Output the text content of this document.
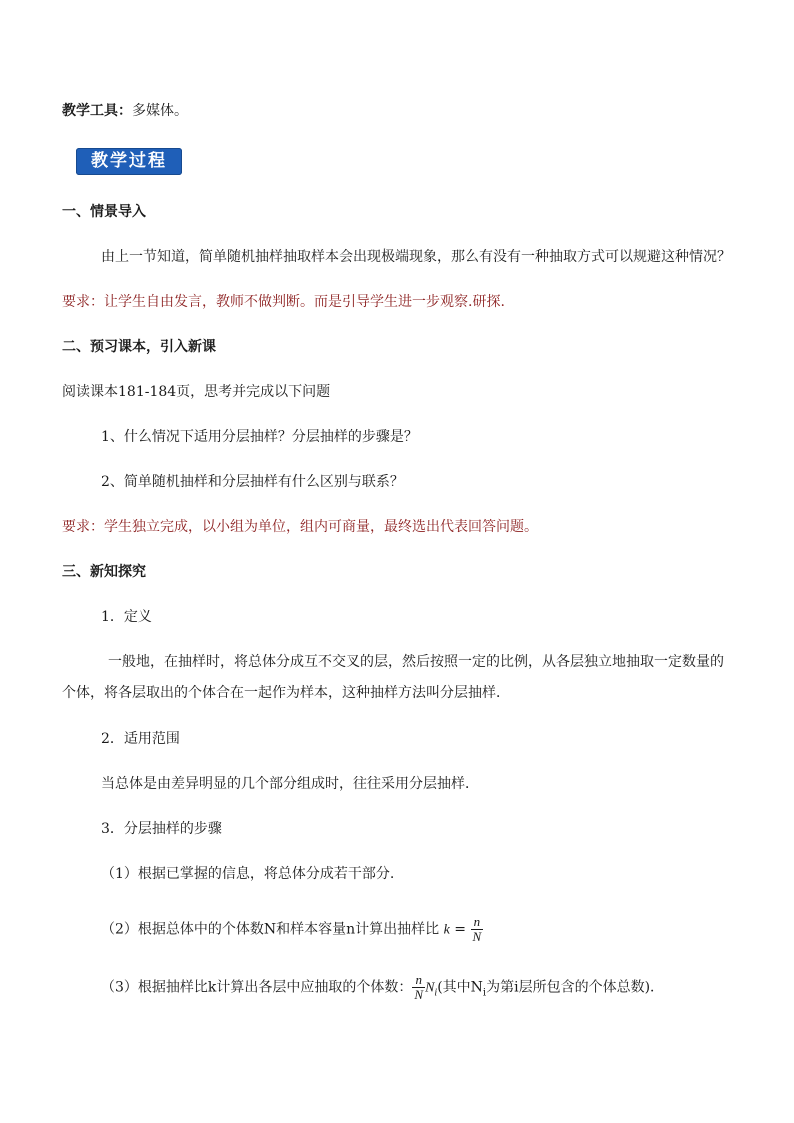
教学工具：多媒体。
教学过程
一、情景导入
由上一节知道，简单随机抽样抽取样本会出现极端现象，那么有没有一种抽取方式可以规避这种情况？
要求：让学生自由发言，教师不做判断。而是引导学生进一步观察.研探.
二、预习课本，引入新课
阅读课本181-184页，思考并完成以下问题
1、什么情况下适用分层抽样？分层抽样的步骤是？
2、简单随机抽样和分层抽样有什么区别与联系？
要求：学生独立完成，以小组为单位，组内可商量，最终选出代表回答问题。
三、新知探究
1．定义
一般地，在抽样时，将总体分成互不交叉的层，然后按照一定的比例，从各层独立地抽取一定数量的
个体，将各层取出的个体合在一起作为样本，这种抽样方法叫分层抽样．
2．适用范围
当总体是由差异明显的几个部分组成时，往往采用分层抽样．
3．分层抽样的步骤
（1）根据已掌握的信息，将总体分成若干部分.
（2）根据总体中的个体数N和样本容量n计算出抽样比 $k = \frac{n}{N}$
（3）根据抽样比k计算出各层中应抽取的个体数： $\frac{n}{N} N_i$(其中$N_i$为第i层所包含的个体总数)．
